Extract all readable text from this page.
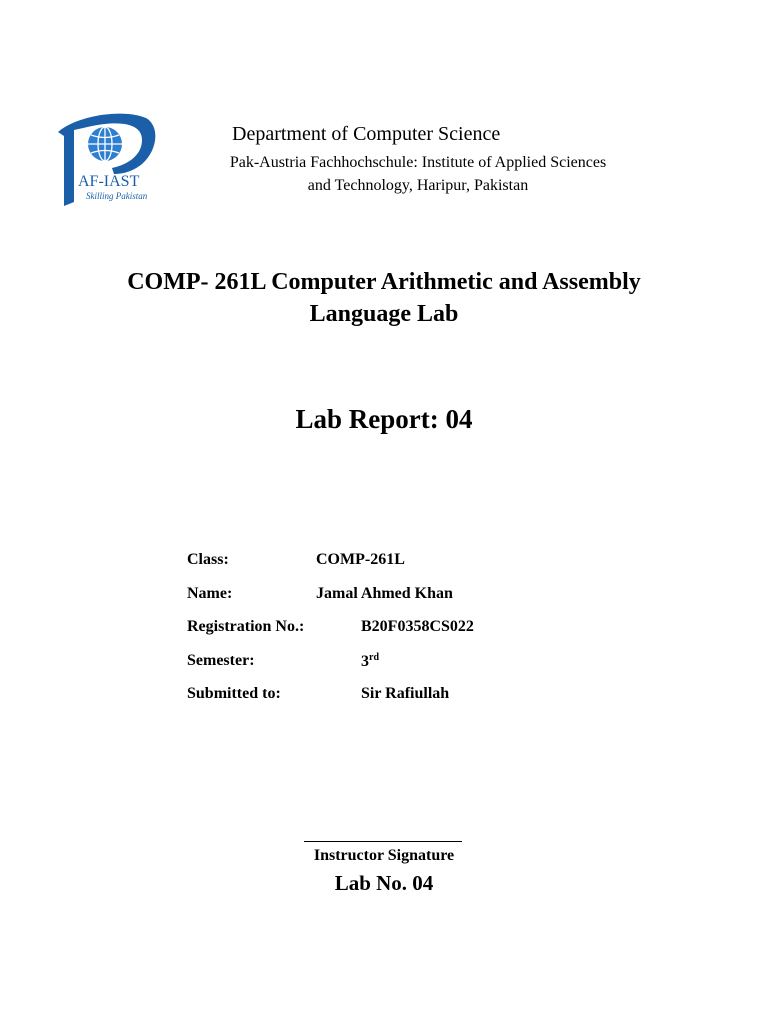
AF-IAST
Skilling Pakistan
Department of Computer Science
Pak-Austria Fachhochschule: Institute of Applied Sciences
and Technology, Haripur, Pakistan
COMP- 261L Computer Arithmetic and Assembly
Language Lab
Lab Report: 04
Class:	COMP-261L
Name:	Jamal Ahmed Khan
Registration No.:	B20F0358CS022
Semester:	3rd
Submitted to:	Sir Rafiullah
Instructor Signature
Lab No. 04
